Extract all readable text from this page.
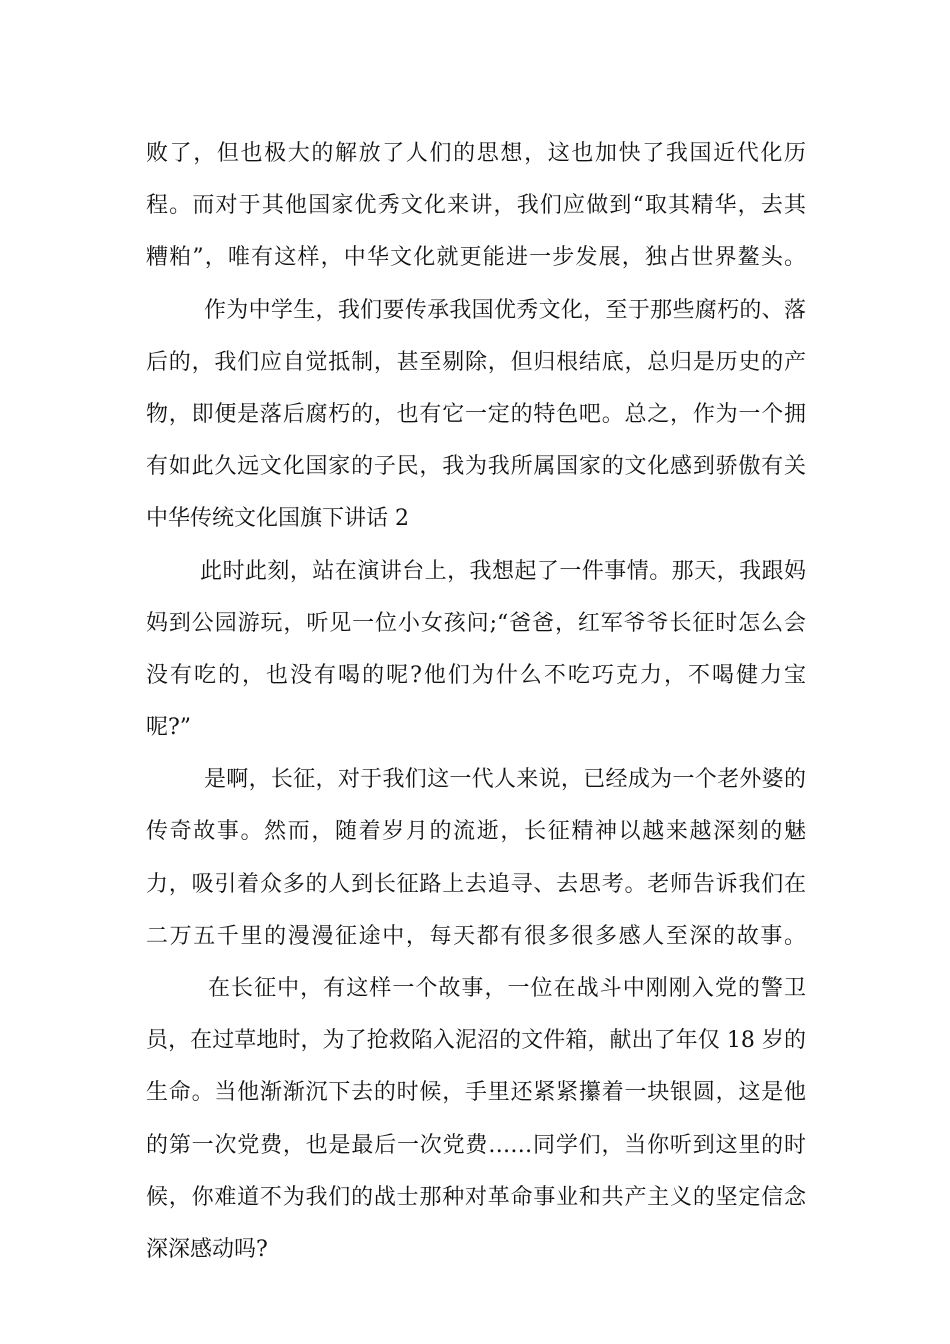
败了，但也极大的解放了人们的思想，这也加快了我国近代化历
程。而对于其他国家优秀文化来讲，我们应做到“取其精华，去其
糟粕”，唯有这样，中华文化就更能进一步发展，独占世界鳌头。
作为中学生，我们要传承我国优秀文化，至于那些腐朽的、落
后的，我们应自觉抵制，甚至剔除，但归根结底，总归是历史的产
物，即便是落后腐朽的，也有它一定的特色吧。总之，作为一个拥
有如此久远文化国家的子民，我为我所属国家的文化感到骄傲有关
中华传统文化国旗下讲话 2
此时此刻，站在演讲台上，我想起了一件事情。那天，我跟妈
妈到公园游玩，听见一位小女孩问;“爸爸，红军爷爷长征时怎么会
没有吃的，也没有喝的呢?他们为什么不吃巧克力，不喝健力宝
呢?”
是啊，长征，对于我们这一代人来说，已经成为一个老外婆的
传奇故事。然而，随着岁月的流逝，长征精神以越来越深刻的魅
力，吸引着众多的人到长征路上去追寻、去思考。老师告诉我们在
二万五千里的漫漫征途中，每天都有很多很多感人至深的故事。
在长征中，有这样一个故事，一位在战斗中刚刚入党的警卫
员，在过草地时，为了抢救陷入泥沼的文件箱，献出了年仅 18 岁的
生命。当他渐渐沉下去的时候，手里还紧紧攥着一块银圆，这是他
的第一次党费，也是最后一次党费……同学们，当你听到这里的时
候，你难道不为我们的战士那种对革命事业和共产主义的坚定信念
深深感动吗?
